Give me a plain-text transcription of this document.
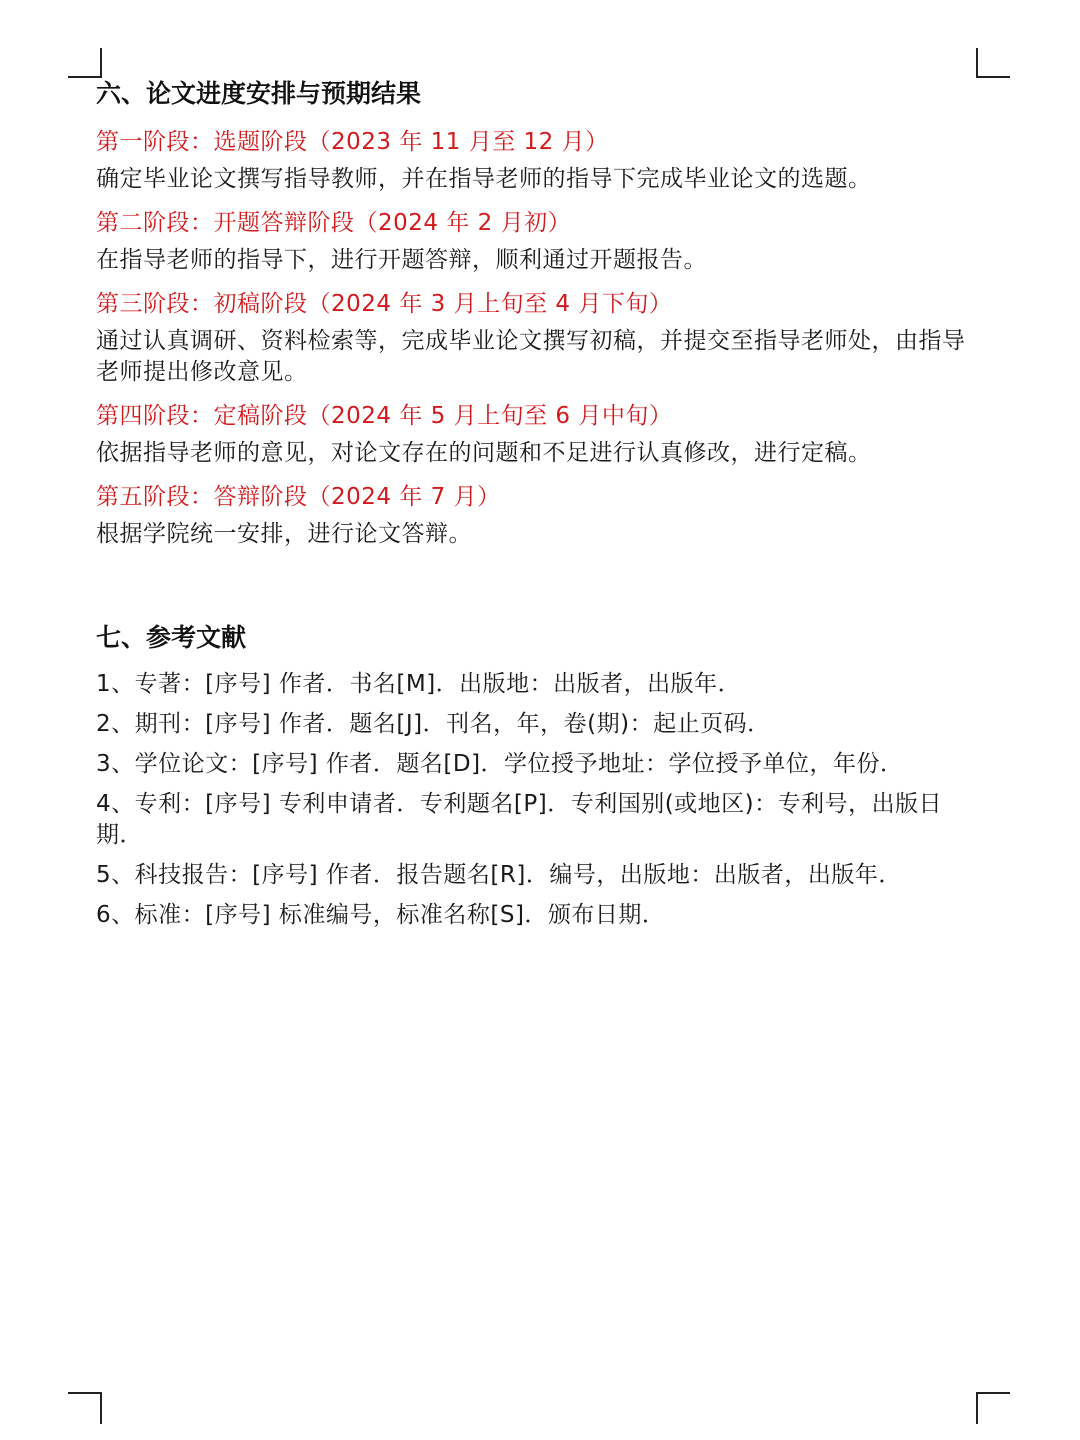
六、论文进度安排与预期结果

第一阶段：选题阶段（2023 年 11 月至 12 月）

确定毕业论文撰写指导教师，并在指导老师的指导下完成毕业论文的选题。

第二阶段：开题答辩阶段（2024 年 2 月初）

在指导老师的指导下，进行开题答辩，顺利通过开题报告。

第三阶段：初稿阶段（2024 年 3 月上旬至 4 月下旬）

通过认真调研、资料检索等，完成毕业论文撰写初稿，并提交至指导老师处，由指导老师提出修改意见。

第四阶段：定稿阶段（2024 年 5 月上旬至 6 月中旬）

依据指导老师的意见，对论文存在的问题和不足进行认真修改，进行定稿。

第五阶段：答辩阶段（2024 年 7 月）

根据学院统一安排，进行论文答辩。

七、参考文献

1、专著：[序号] 作者．书名[M]．出版地：出版者，出版年．

2、期刊：[序号] 作者．题名[J]．刊名，年，卷(期)：起止页码．

3、学位论文：[序号] 作者．题名[D]．学位授予地址：学位授予单位，年份．

4、专利：[序号] 专利申请者．专利题名[P]．专利国别(或地区)：专利号，出版日期．

5、科技报告：[序号] 作者．报告题名[R]．编号，出版地：出版者，出版年．

6、标准：[序号] 标准编号，标准名称[S]．颁布日期．
